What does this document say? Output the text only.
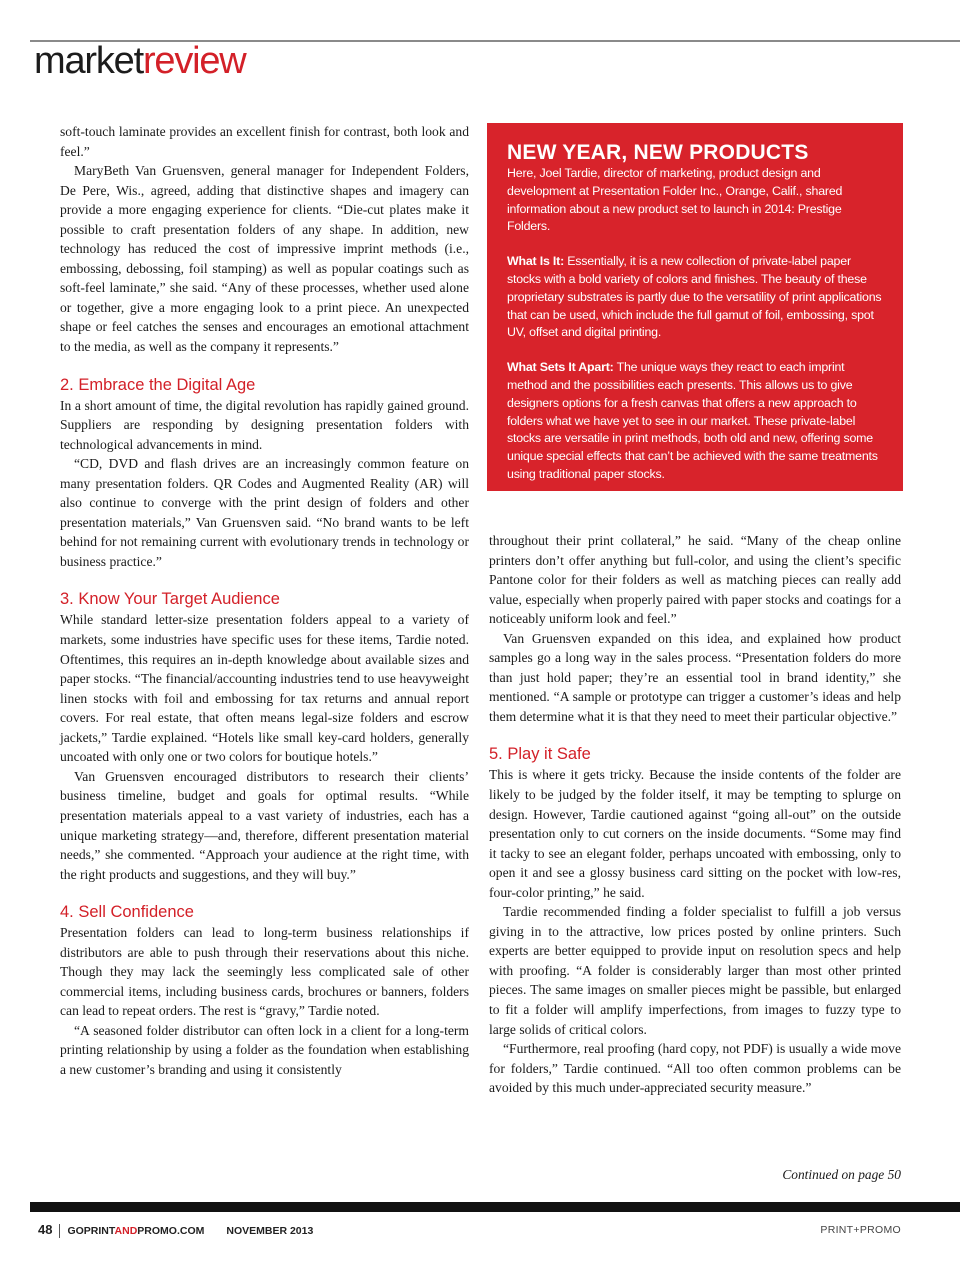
marketreview

soft-touch laminate provides an excellent finish for contrast, both look and feel.”

MaryBeth Van Gruensven, general manager for Independent Folders, De Pere, Wis., agreed, adding that distinctive shapes and imagery can provide a more engaging experience for clients. “Die-cut plates make it possible to craft presentation folders of any shape. In addition, new technology has reduced the cost of impressive imprint methods (i.e., embossing, debossing, foil stamping) as well as popular coatings such as soft-feel laminate,” she said. “Any of these processes, whether used alone or together, give a more engaging look to a print piece. An unexpected shape or feel catches the senses and encourages an emotional attachment to the media, as well as the company it represents.”

2. Embrace the Digital Age

In a short amount of time, the digital revolution has rapidly gained ground. Suppliers are responding by designing presentation folders with technological advancements in mind.

“CD, DVD and flash drives are an increasingly common feature on many presentation folders. QR Codes and Augmented Reality (AR) will also continue to converge with the print design of folders and other presentation materials,” Van Gruensven said. “No brand wants to be left behind for not remaining current with evolutionary trends in technology or business practice.”

3. Know Your Target Audience

While standard letter-size presentation folders appeal to a variety of markets, some industries have specific uses for these items, Tardie noted. Oftentimes, this requires an in-depth knowledge about available sizes and paper stocks. “The financial/accounting industries tend to use heavyweight linen stocks with foil and embossing for tax returns and annual report covers. For real estate, that often means legal-size folders and escrow jackets,” Tardie explained. “Hotels like small key-card holders, generally uncoated with only one or two colors for boutique hotels.”

Van Gruensven encouraged distributors to research their clients’ business timeline, budget and goals for optimal results. “While presentation materials appeal to a vast variety of industries, each has a unique marketing strategy—and, therefore, different presentation material needs,” she commented. “Approach your audience at the right time, with the right products and suggestions, and they will buy.”

4. Sell Confidence

Presentation folders can lead to long-term business relationships if distributors are able to push through their reservations about this niche. Though they may lack the seemingly less complicated sale of other commercial items, including business cards, brochures or banners, folders can lead to repeat orders. The rest is “gravy,” Tardie noted.

“A seasoned folder distributor can often lock in a client for a long-term printing relationship by using a folder as the foundation when establishing a new customer’s branding and using it consistently

NEW YEAR, NEW PRODUCTS

Here, Joel Tardie, director of marketing, product design and development at Presentation Folder Inc., Orange, Calif., shared information about a new product set to launch in 2014: Prestige Folders.

What Is It: Essentially, it is a new collection of private-label paper stocks with a bold variety of colors and finishes. The beauty of these proprietary substrates is partly due to the versatility of print applications that can be used, which include the full gamut of foil, embossing, spot UV, offset and digital printing.

What Sets It Apart: The unique ways they react to each imprint method and the possibilities each presents. This allows us to give designers options for a fresh canvas that offers a new approach to folders what we have yet to see in our market. These private-label stocks are versatile in print methods, both old and new, offering some unique special effects that can’t be achieved with the same treatments using traditional paper stocks.

throughout their print collateral,” he said. “Many of the cheap online printers don’t offer anything but full-color, and using the client’s specific Pantone color for their folders as well as matching pieces can really add value, especially when properly paired with paper stocks and coatings for a noticeably uniform look and feel.”

Van Gruensven expanded on this idea, and explained how product samples go a long way in the sales process. “Presentation folders do more than just hold paper; they’re an essential tool in brand identity,” she mentioned. “A sample or prototype can trigger a customer’s ideas and help them determine what it is that they need to meet their particular objective.”

5. Play it Safe

This is where it gets tricky. Because the inside contents of the folder are likely to be judged by the folder itself, it may be tempting to splurge on design. However, Tardie cautioned against “going all-out” on the outside presentation only to cut corners on the inside documents. “Some may find it tacky to see an elegant folder, perhaps uncoated with embossing, only to open it and see a glossy business card sitting on the pocket with low-res, four-color printing,” he said.

Tardie recommended finding a folder specialist to fulfill a job versus giving in to the attractive, low prices posted by online printers. Such experts are better equipped to provide input on resolution specs and help with proofing. “A folder is considerably larger than most other printed pieces. The same images on smaller pieces might be passible, but enlarged to fit a folder will amplify imperfections, from images to fuzzy type to large solids of critical colors.

“Furthermore, real proofing (hard copy, not PDF) is usually a wide move for folders,” Tardie continued. “All too often common problems can be avoided by this much under-appreciated security measure.”

Continued on page 50
48 GOPRINTANDPROMO.COM NOVEMBER 2013	PRINT+PROMO
